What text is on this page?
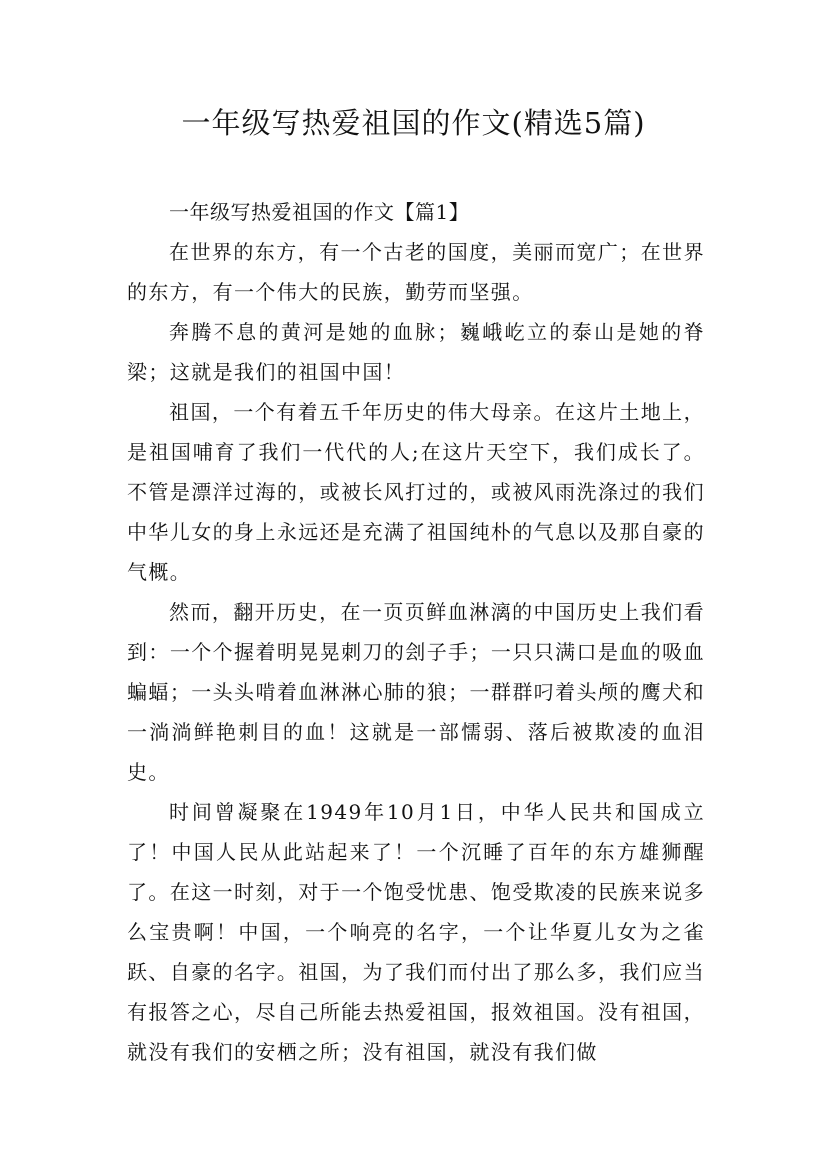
一年级写热爱祖国的作文(精选5篇)

一年级写热爱祖国的作文【篇1】

在世界的东方，有一个古老的国度，美丽而宽广；在世界的东方，有一个伟大的民族，勤劳而坚强。

奔腾不息的黄河是她的血脉；巍峨屹立的泰山是她的脊梁；这就是我们的祖国中国！

祖国，一个有着五千年历史的伟大母亲。在这片土地上，是祖国哺育了我们一代代的人;在这片天空下，我们成长了。不管是漂洋过海的，或被长风打过的，或被风雨洗涤过的我们中华儿女的身上永远还是充满了祖国纯朴的气息以及那自豪的气概。

然而，翻开历史，在一页页鲜血淋漓的中国历史上我们看到：一个个握着明晃晃刺刀的刽子手；一只只满口是血的吸血蝙蝠；一头头啃着血淋淋心肺的狼；一群群叼着头颅的鹰犬和一淌淌鲜艳刺目的血！这就是一部懦弱、落后被欺凌的血泪史。

时间曾凝聚在1949年10月1日，中华人民共和国成立了！中国人民从此站起来了！一个沉睡了百年的东方雄狮醒了。在这一时刻，对于一个饱受忧患、饱受欺凌的民族来说多么宝贵啊！中国，一个响亮的名字，一个让华夏儿女为之雀跃、自豪的名字。祖国，为了我们而付出了那么多，我们应当有报答之心，尽自己所能去热爱祖国，报效祖国。没有祖国，就没有我们的安栖之所；没有祖国，就没有我们做
